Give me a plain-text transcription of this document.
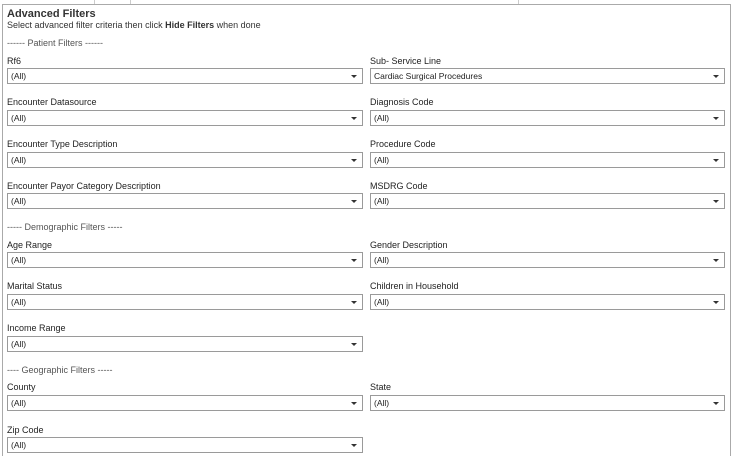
Advanced Filters
Select advanced filter criteria then click Hide Filters when done
------ Patient Filters ------
Rf6
(All)
Sub- Service Line
Cardiac Surgical Procedures
Encounter Datasource
(All)
Diagnosis Code
(All)
Encounter Type Description
(All)
Procedure Code
(All)
Encounter Payor Category Description
(All)
MSDRG Code
(All)
----- Demographic Filters -----
Age Range
(All)
Gender Description
(All)
Marital Status
(All)
Children in Household
(All)
Income Range
(All)
---- Geographic Filters -----
County
(All)
State
(All)
Zip Code
(All)
